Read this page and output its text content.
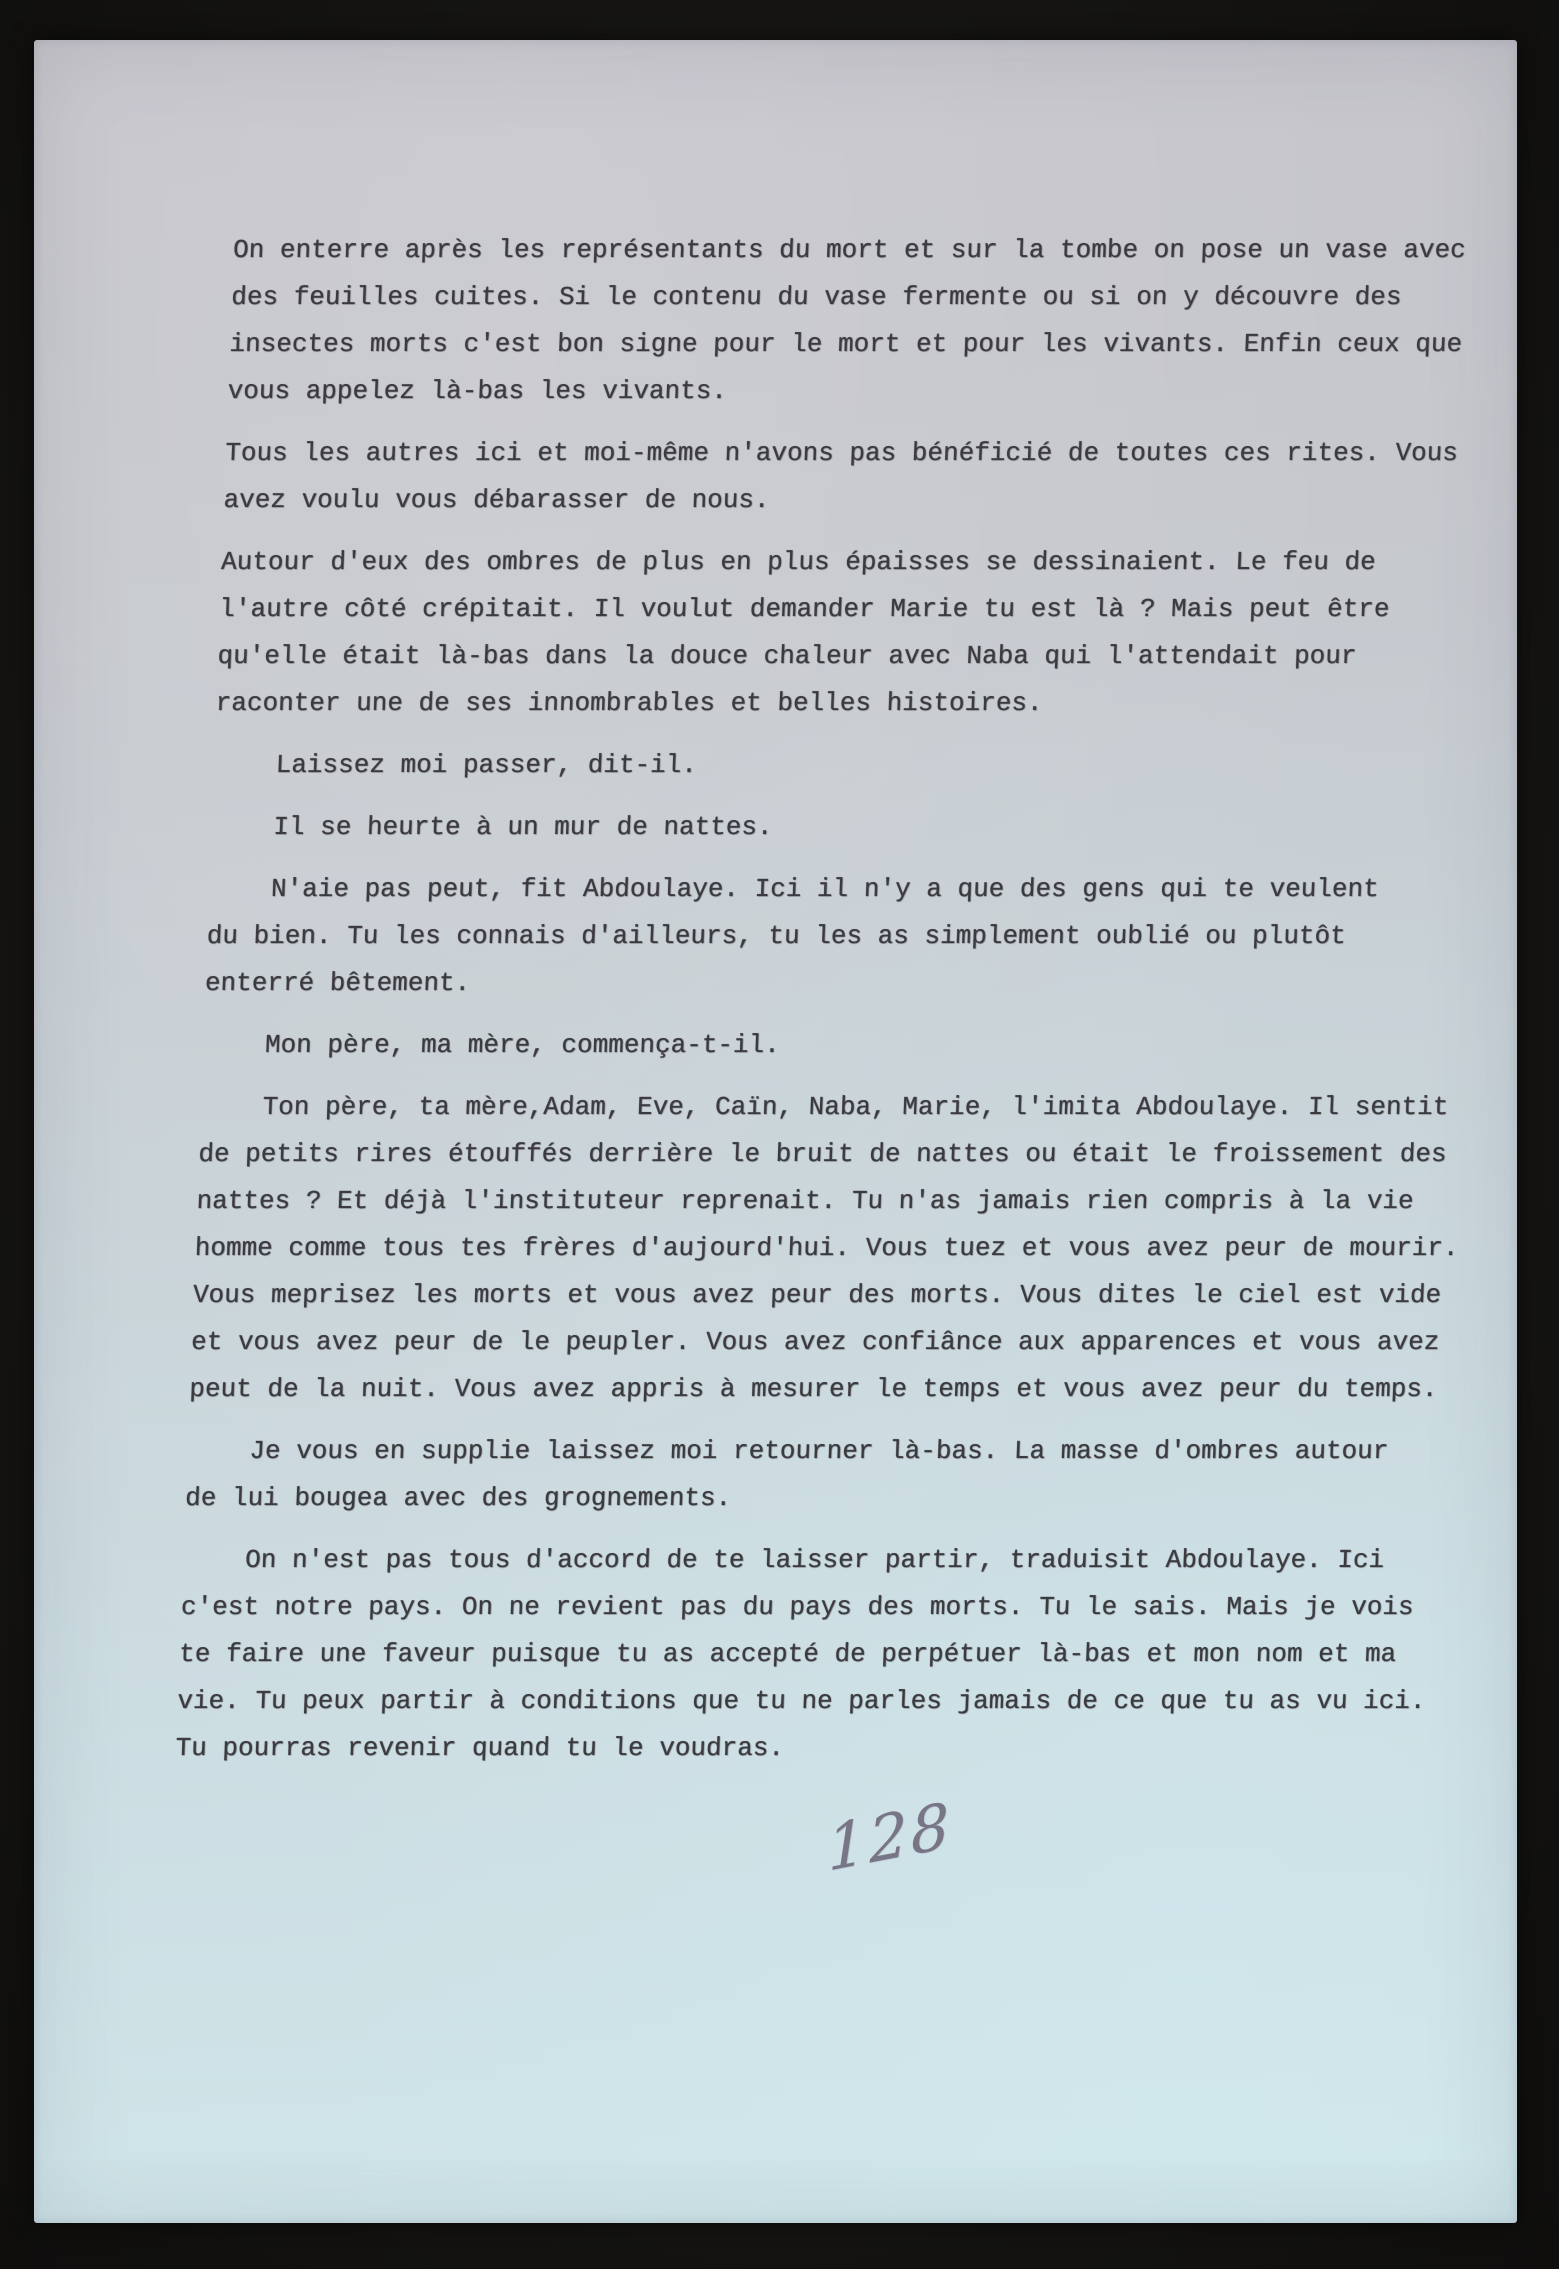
On enterre après les représentants du mort et sur la tombe on pose un vase avec
des feuilles cuites. Si le contenu du vase fermente ou si on y découvre des
insectes morts c'est bon signe pour le mort et pour les vivants. Enfin ceux que
vous appelez là-bas les vivants.

Tous les autres ici et moi-même n'avons pas bénéficié de toutes ces rites. Vous
avez voulu vous débarasser de nous.

Autour d'eux des ombres de plus en plus épaisses se dessinaient. Le feu de
l'autre côté crépitait. Il voulut demander Marie tu est là ? Mais peut être
qu'elle était là-bas dans la douce chaleur avec Naba qui l'attendait pour
raconter une de ses innombrables et belles histoires.

Laissez moi passer, dit-il.

Il se heurte à un mur de nattes.

N'aie pas peut, fit Abdoulaye. Ici il n'y a que des gens qui te veulent
du bien. Tu les connais d'ailleurs, tu les as simplement oublié ou plutôt
enterré bêtement.

Mon père, ma mère, commença-t-il.

Ton père, ta mère,Adam, Eve, Caïn, Naba, Marie, l'imita Abdoulaye. Il sentit
de petits rires étouffés derrière le bruit de nattes ou était le froissement des
nattes ? Et déjà l'instituteur reprenait. Tu n'as jamais rien compris à la vie
homme comme tous tes frères d'aujourd'hui. Vous tuez et vous avez peur de mourir.
Vous meprisez les morts et vous avez peur des morts. Vous dites le ciel est vide
et vous avez peur de le peupler. Vous avez confiânce aux apparences et vous avez
peut de la nuit. Vous avez appris à mesurer le temps et vous avez peur du temps.

Je vous en supplie laissez moi retourner là-bas. La masse d'ombres autour
de lui bougea avec des grognements.

On n'est pas tous d'accord de te laisser partir, traduisit Abdoulaye. Ici
c'est notre pays. On ne revient pas du pays des morts. Tu le sais. Mais je vois
te faire une faveur puisque tu as accepté de perpétuer là-bas et mon nom et ma
vie. Tu peux partir à conditions que tu ne parles jamais de ce que tu as vu ici.
Tu pourras revenir quand tu le voudras.

128
